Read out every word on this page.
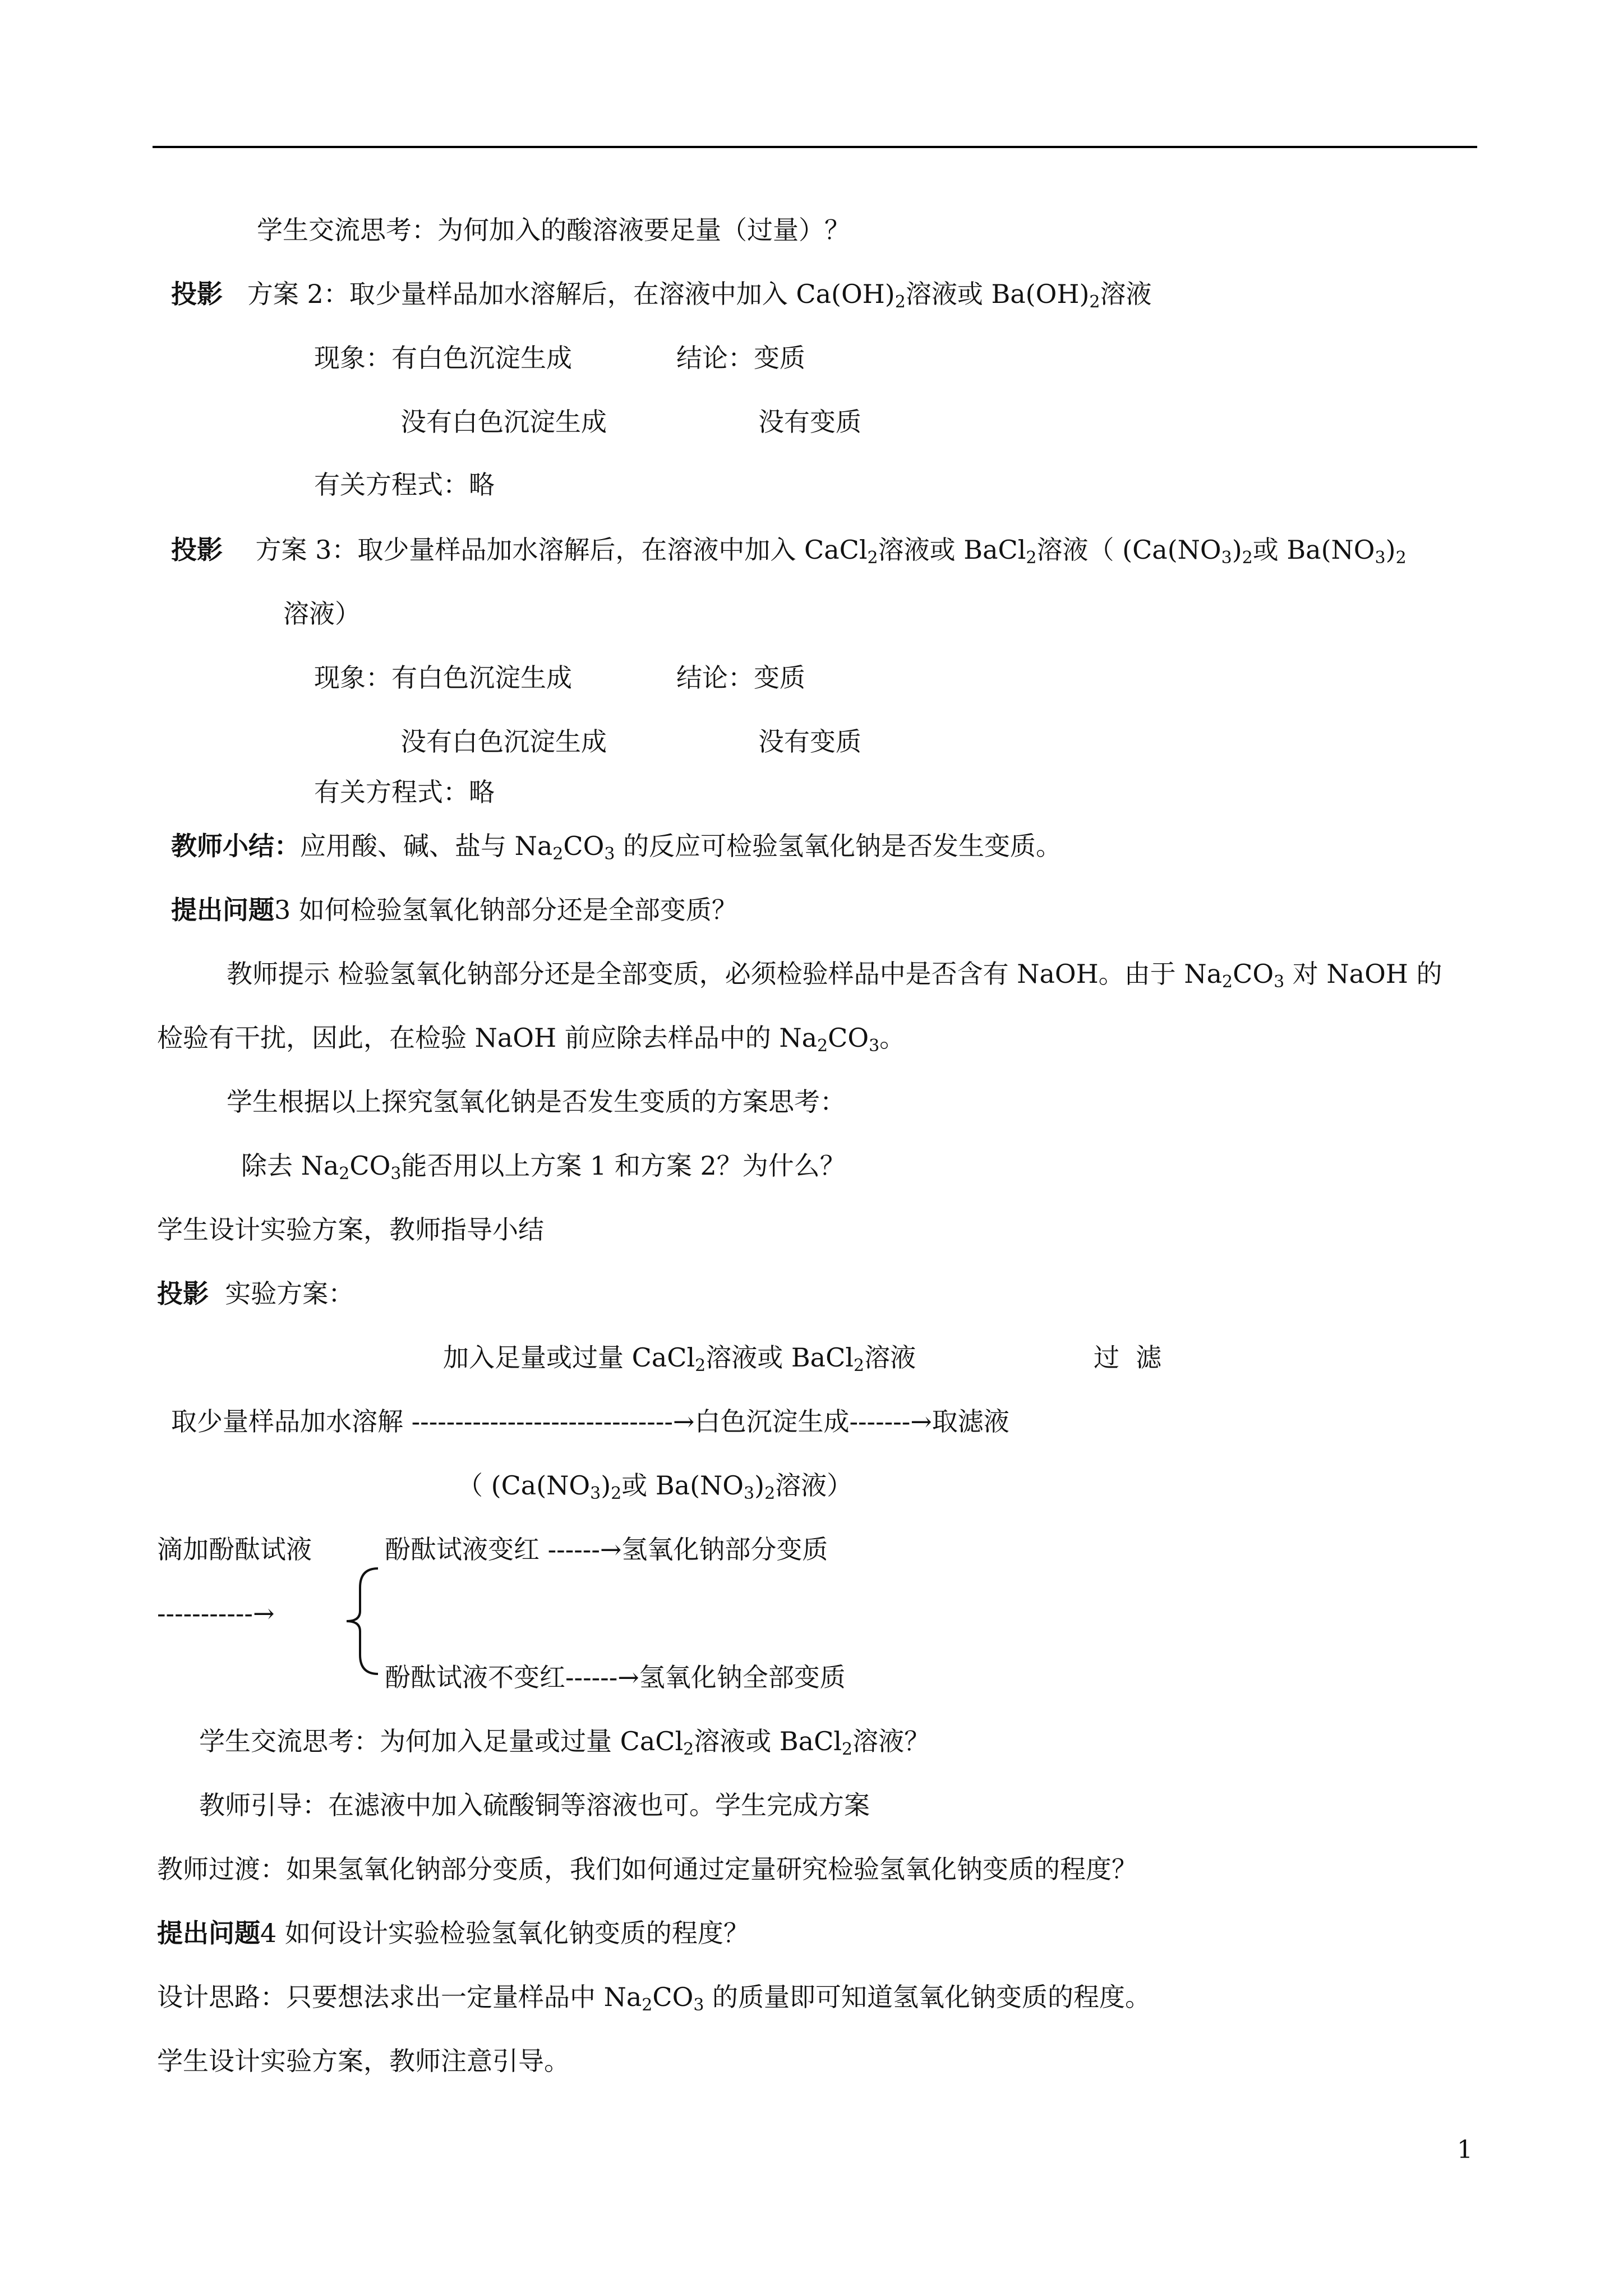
学生交流思考：为何加入的酸溶液要足量（过量）？
投影 方案 2：取少量样品加水溶解后，在溶液中加入 $Ca(OH)_2$溶液或 $Ba(OH)_2$溶液
现象：有白色沉淀生成	结论：变质
没有白色沉淀生成	没有变质
有关方程式：略
投影 方案 3：取少量样品加水溶解后，在溶液中加入 CaCl$_2$溶液或 BaCl$_2$溶液（ ($Ca(NO_3)_2$或 $Ba(NO_3)_2$
溶液）
现象：有白色沉淀生成	结论：变质
没有白色沉淀生成	没有变质
有关方程式：略
教师小结：应用酸、碱、盐与 $Na_2CO_3$ 的反应可检验氢氧化钠是否发生变质。
提出问题3 如何检验氢氧化钠部分还是全部变质？
教师提示 检验氢氧化钠部分还是全部变质，必须检验样品中是否含有 NaOH。由于 $Na_2CO_3$ 对 NaOH 的
检验有干扰，因此，在检验 NaOH 前应除去样品中的 $Na_2CO_3$。
学生根据以上探究氢氧化钠是否发生变质的方案思考：
除去 $Na_2CO_3$能否用以上方案 1 和方案 2？为什么？
学生设计实验方案，教师指导小结
投影 实验方案：
加入足量或过量 CaCl$_2$溶液或 BaCl$_2$溶液	过  滤
取少量样品加水溶解 ------------------------------→白色沉淀生成-------→取滤液
（ ($Ca(NO_3)_2$或 $Ba(NO_3)_2$溶液）
滴加酚酞试液	酚酞试液变红 ------→氢氧化钠部分变质
-----------→
酚酞试液不变红------→氢氧化钠全部变质
学生交流思考：为何加入足量或过量 CaCl$_2$溶液或 BaCl$_2$溶液？
教师引导：在滤液中加入硫酸铜等溶液也可。学生完成方案
教师过渡：如果氢氧化钠部分变质，我们如何通过定量研究检验氢氧化钠变质的程度？
提出问题4 如何设计实验检验氢氧化钠变质的程度？
设计思路：只要想法求出一定量样品中 $Na_2CO_3$ 的质量即可知道氢氧化钠变质的程度。
学生设计实验方案，教师注意引导。
1
